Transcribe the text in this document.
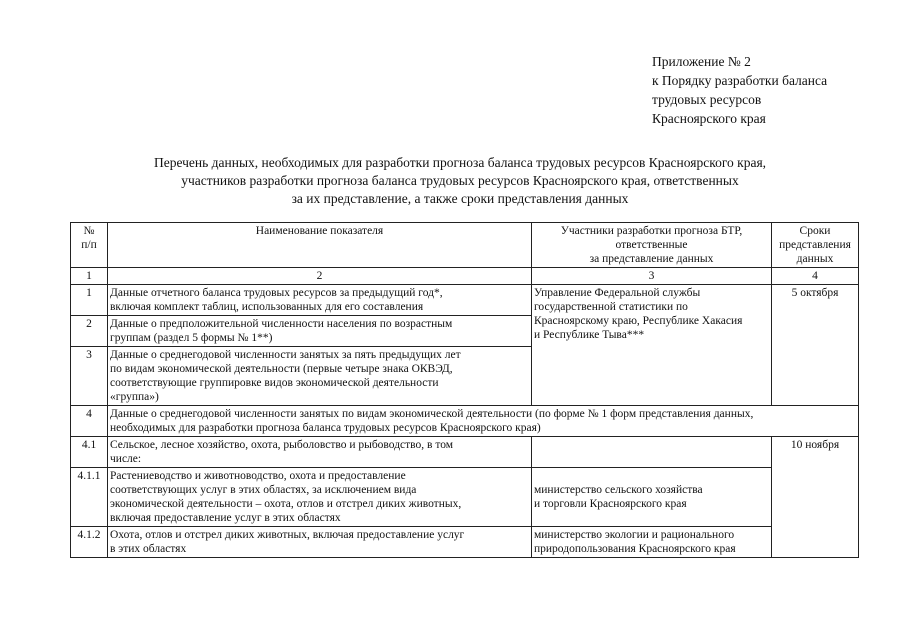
Приложение № 2
к Порядку разработки баланса
трудовых ресурсов
Красноярского края
Перечень данных, необходимых для разработки прогноза баланса трудовых ресурсов Красноярского края,
участников разработки прогноза баланса трудовых ресурсов Красноярского края, ответственных
за их представление, а также сроки представления данных
№
п/п	Наименование показателя	Участники разработки прогноза БТР,
ответственные
за представление данных	Сроки
представления
данных
1	2	3	4
1	Данные отчетного баланса трудовых ресурсов за предыдущий год*,
включая комплект таблиц, использованных для его составления	Управление Федеральной службы
государственной статистики по
Красноярскому краю, Республике Хакасия
и Республике Тыва***	5 октября
2	Данные о предположительной численности населения по возрастным
группам (раздел 5 формы № 1**)		
3	Данные о среднегодовой численности занятых за пять предыдущих лет
по видам экономической деятельности (первые четыре знака ОКВЭД,
соответствующие группировке видов экономической деятельности
«группа»)		
4	Данные о среднегодовой численности занятых по видам экономической деятельности (по форме № 1 форм представления данных,
необходимых для разработки прогноза баланса трудовых ресурсов Красноярского края)		
4.1	Сельское, лесное хозяйство, охота, рыболовство и рыбоводство, в том
числе:		10 ноября
4.1.1	Растениеводство и животноводство, охота и предоставление
соответствующих услуг в этих областях, за исключением вида
экономической деятельности – охота, отлов и отстрел диких животных,
включая предоставление услуг в этих областях	министерство сельского хозяйства
и торговли Красноярского края	
4.1.2	Охота, отлов и отстрел диких животных, включая предоставление услуг
в этих областях	министерство экологии и рационального
природопользования Красноярского края	
